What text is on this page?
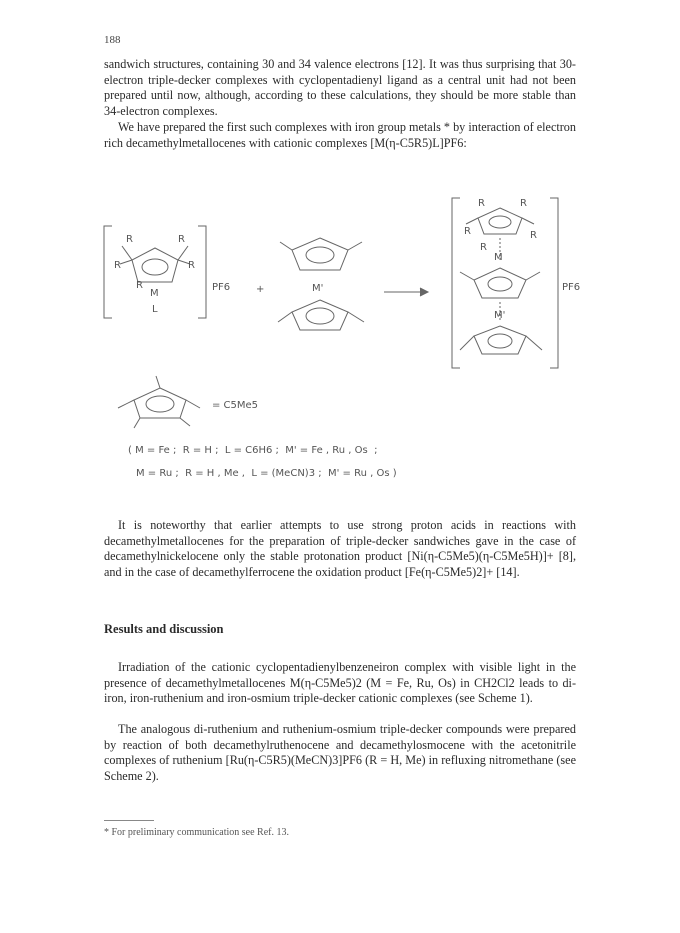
188

sandwich structures, containing 30 and 34 valence electrons [12]. It was thus surprising that 30-electron triple-decker complexes with cyclopentadienyl ligand as a central unit had not been prepared until now, although, according to these calculations, they should be more stable than 34-electron complexes.

We have prepared the first such complexes with iron group metals * by interaction of electron rich decamethylmetallocenes with cationic complexes [M(η-C5R5)L]PF6:

R	R
R	R
R
M
L
PF6	+	M'
R	R
R	R
R
M
M'
PF6
= C5Me5
( M = Fe ;  R = H ;  L = C6H6 ;  M' = Fe , Ru , Os  ;
M = Ru ;  R = H , Me ,  L = (MeCN)3 ;  M' = Ru , Os )

It is noteworthy that earlier attempts to use strong proton acids in reactions with decamethylmetallocenes for the preparation of triple-decker sandwiches gave in the case of decamethylnickelocene only the stable protonation product [Ni(η-C5Me5)(η-C5Me5H)]+ [8], and in the case of decamethylferrocene the oxidation product [Fe(η-C5Me5)2]+ [14].

Results and discussion

Irradiation of the cationic cyclopentadienylbenzeneiron complex with visible light in the presence of decamethylmetallocenes M(η-C5Me5)2 (M = Fe, Ru, Os) in CH2Cl2 leads to di-iron, iron-ruthenium and iron-osmium triple-decker cationic complexes (see Scheme 1).

The analogous di-ruthenium and ruthenium-osmium triple-decker compounds were prepared by reaction of both decamethylruthenocene and decamethylosmocene with the acetonitrile complexes of ruthenium [Ru(η-C5R5)(MeCN)3]PF6 (R = H, Me) in refluxing nitromethane (see Scheme 2).

* For preliminary communication see Ref. 13.
